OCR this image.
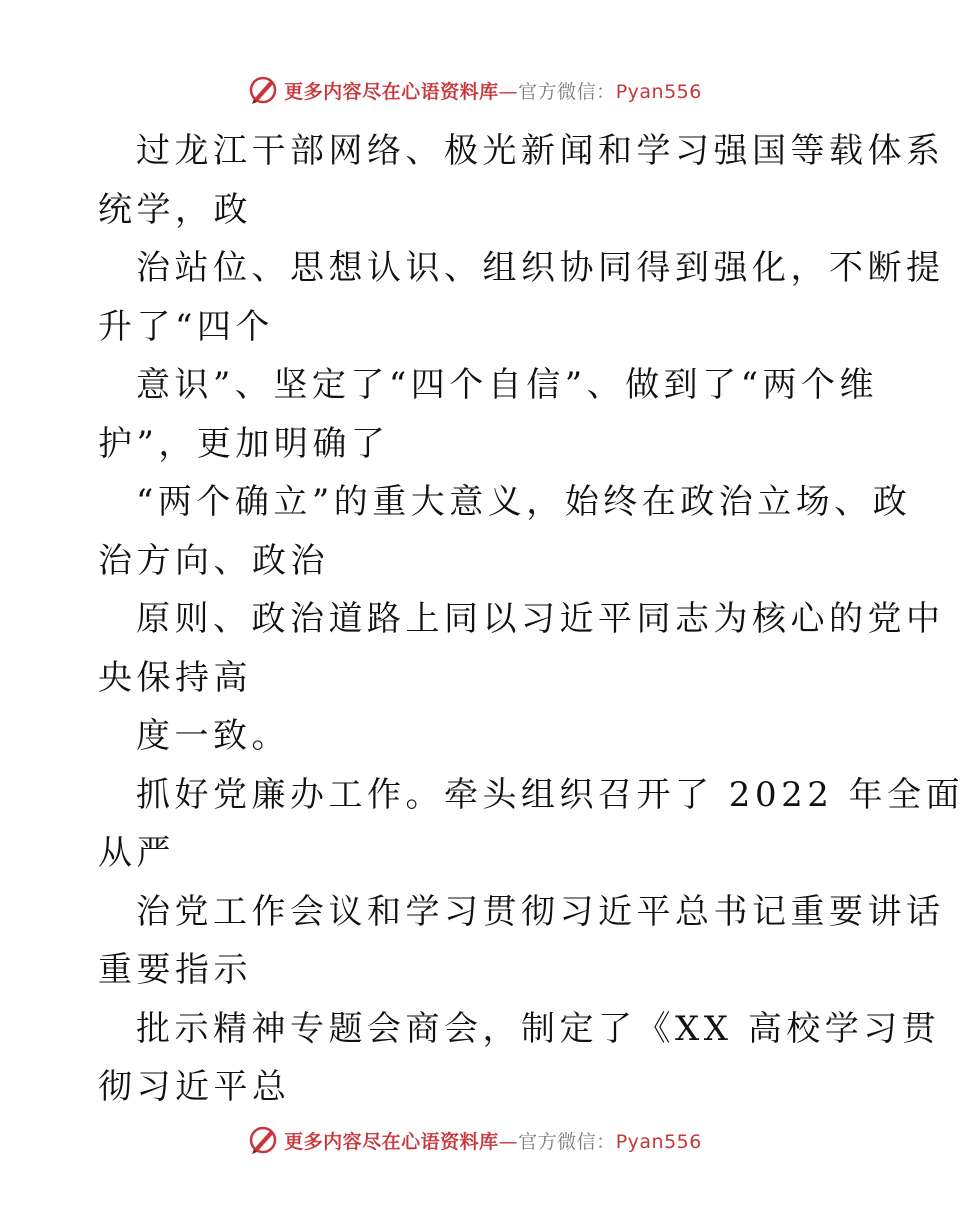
更多内容尽在心语资料库—官方微信：Pyan556
过龙江干部网络、极光新闻和学习强国等载体系
统学，政
治站位、思想认识、组织协同得到强化，不断提
升了“四个
意识”、坚定了“四个自信”、做到了“两个维
护”，更加明确了
“两个确立”的重大意义，始终在政治立场、政
治方向、政治
原则、政治道路上同以习近平同志为核心的党中
央保持高
度一致。
抓好党廉办工作。牵头组织召开了 2022 年全面
从严
治党工作会议和学习贯彻习近平总书记重要讲话
重要指示
批示精神专题会商会，制定了《XX 高校学习贯
彻习近平总
更多内容尽在心语资料库—官方微信：Pyan556
